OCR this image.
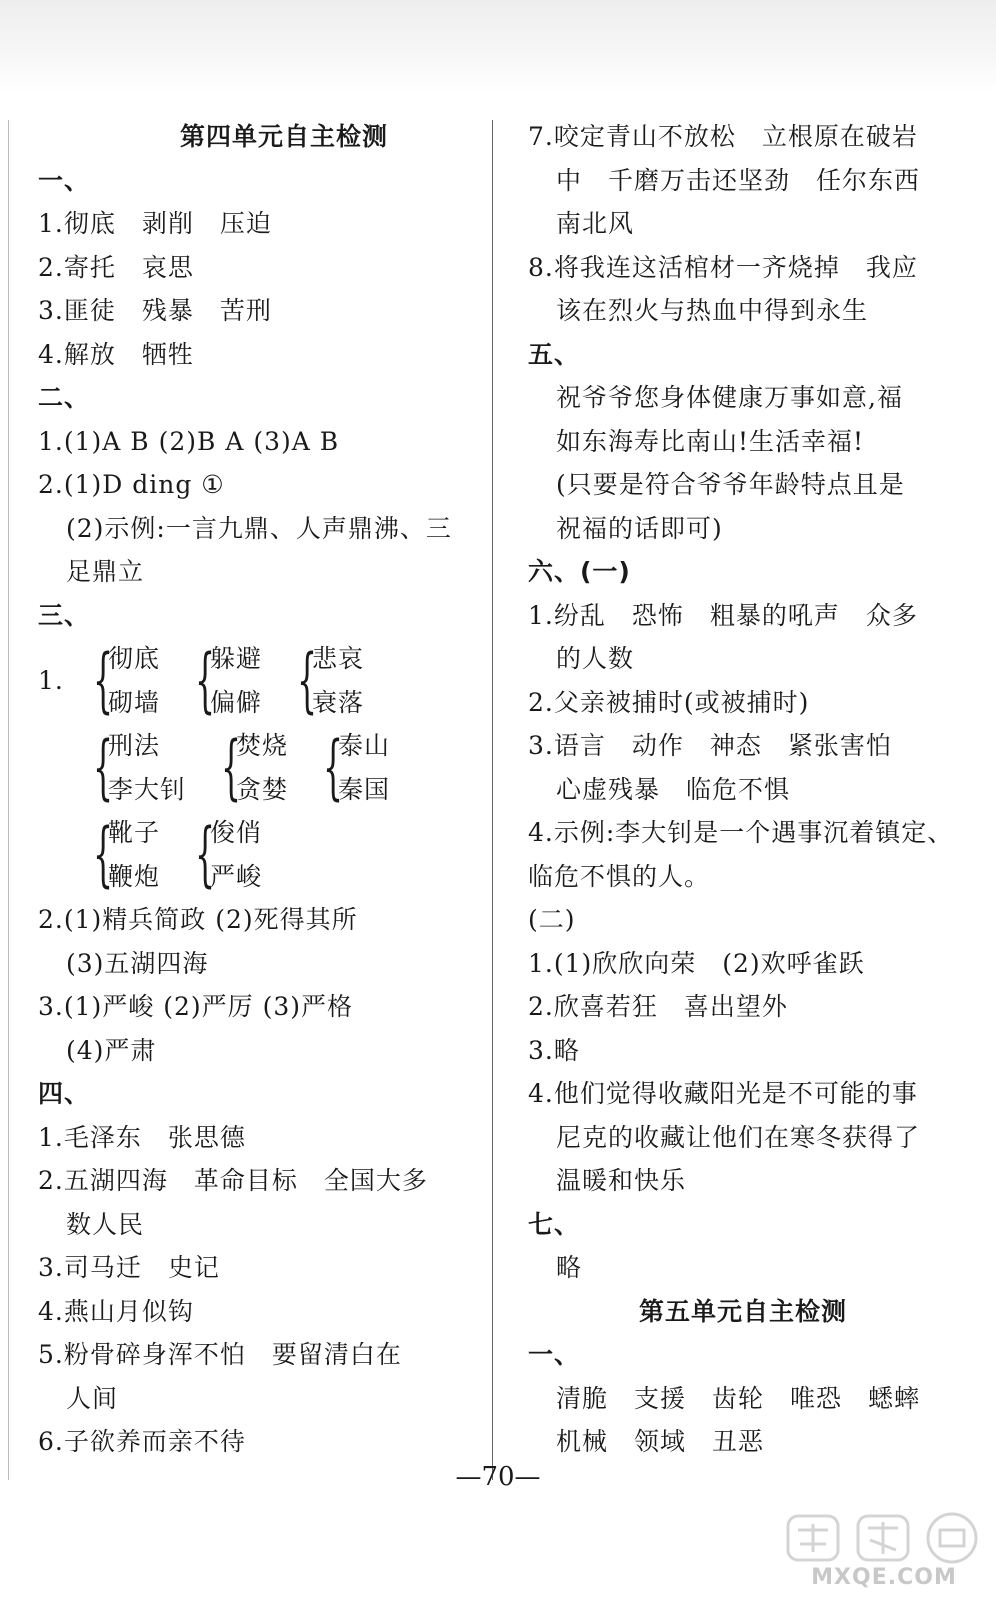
第四单元自主检测
一、
1.彻底 剥削 压迫
2.寄托 哀思
3.匪徒 残暴 苦刑
4.解放 牺牲
二、
1.(1)A B (2)B A (3)A B
2.(1)D ding ①
(2)示例:一言九鼎、人声鼎沸、三
足鼎立
三、
1. {
彻底
砌墙 {
躲避
偏僻 {
悲哀
衰落
{
刑法
李大钊 {
焚烧
贪婪 {
泰山
秦国
{
靴子
鞭炮 {
俊俏
严峻
2.(1)精兵简政 (2)死得其所
(3)五湖四海
3.(1)严峻 (2)严厉 (3)严格
(4)严肃
四、
1.毛泽东 张思德
2.五湖四海 革命目标 全国大多
数人民
3.司马迁 史记
4.燕山月似钩
5.粉骨碎身浑不怕 要留清白在
人间
6.子欲养而亲不待
7.咬定青山不放松 立根原在破岩
中 千磨万击还坚劲 任尔东西
南北风
8.将我连这活棺材一齐烧掉 我应
该在烈火与热血中得到永生
五、
祝爷爷您身体健康万事如意,福
如东海寿比南山!生活幸福!
(只要是符合爷爷年龄特点且是
祝福的话即可)
六、(一)
1.纷乱 恐怖 粗暴的吼声 众多
的人数
2.父亲被捕时(或被捕时)
3.语言 动作 神态 紧张害怕
心虚残暴 临危不惧
4.示例:李大钊是一个遇事沉着镇定、
临危不惧的人。
(二)
1.(1)欣欣向荣 (2)欢呼雀跃
2.欣喜若狂 喜出望外
3.略
4.他们觉得收藏阳光是不可能的事
尼克的收藏让他们在寒冬获得了
温暖和快乐
七、
略
第五单元自主检测
一、
清脆 支援 齿轮 唯恐 蟋蟀
机械 领域 丑恶
—70—
MXQE.COM
